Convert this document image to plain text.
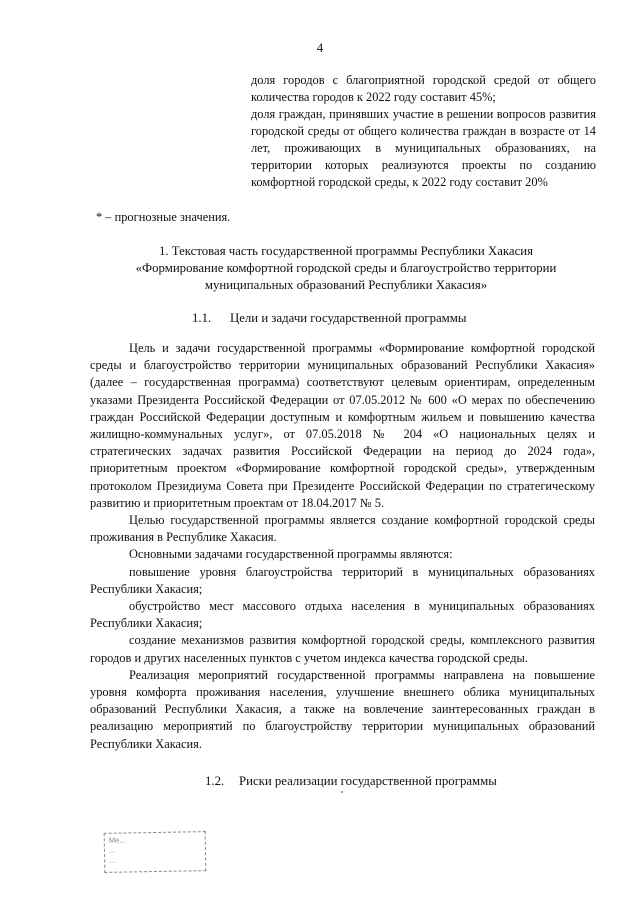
4

доля городов с благоприятной городской средой от общего количества городов к 2022 году составит 45%;

доля граждан, принявших участие в решении вопросов развития городской среды от общего количества граждан в возрасте от 14 лет, проживающих в муниципальных образованиях, на территории которых реализуются проекты по созданию комфортной городской среды, к 2022 году составит 20%

* – прогнозные значения.
1. Текстовая часть государственной программы Республики Хакасия
«Формирование комфортной городской среды и благоустройство территории
муниципальных образований Республики Хакасия»
1.1. Цели и задачи государственной программы

Цель и задачи государственной программы «Формирование комфортной городской среды и благоустройство территории муниципальных образований Республики Хакасия» (далее – государственная программа) соответствуют целевым ориентирам, определенным указами Президента Российской Федерации от 07.05.2012 № 600 «О мерах по обеспечению граждан Российской Федерации доступным и комфортным жильем и повышению качества жилищно-коммунальных услуг», от 07.05.2018 № 204 «О национальных целях и стратегических задачах развития Российской Федерации на период до 2024 года», приоритетным проектом «Формирование комфортной городской среды», утвержденным протоколом Президиума Совета при Президенте Российской Федерации по стратегическому развитию и приоритетным проектам от 18.04.2017 № 5.

Целью государственной программы является создание комфортной городской среды проживания в Республике Хакасия.

Основными задачами государственной программы являются:

повышение уровня благоустройства территорий в муниципальных образованиях Республики Хакасия;

обустройство мест массового отдыха населения в муниципальных образованиях Республики Хакасия;

создание механизмов развития комфортной городской среды, комплексного развития городов и других населенных пунктов с учетом индекса качества городской среды.

Реализация мероприятий государственной программы направлена на повышение уровня комфорта проживания населения, улучшение внешнего облика муниципальных образований Республики Хакасия, а также на вовлечение заинтересованных граждан в реализацию мероприятий по благоустройству территории муниципальных образований Республики Хакасия.

1.2. Риски реализации государственной программы
Ме...
...
...
